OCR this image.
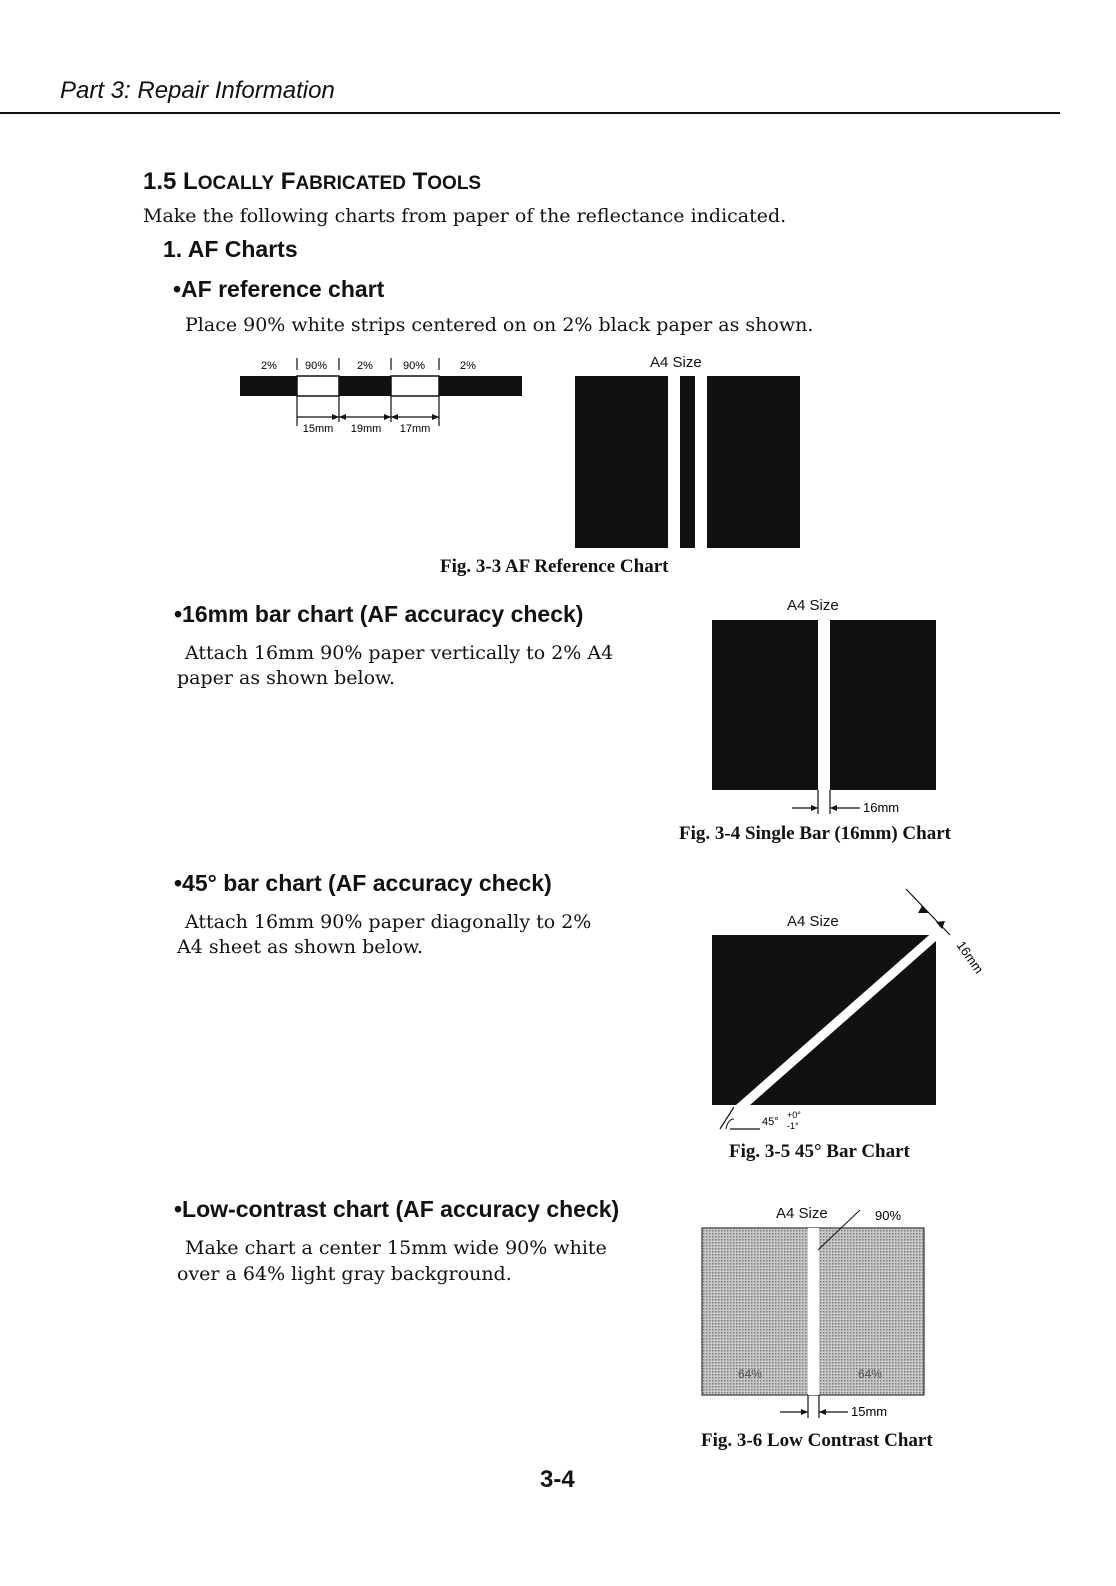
Part 3: Repair Information
1.5 LOCALLY FABRICATED TOOLS
Make the following charts from paper of the reflectance indicated.
1. AF Charts
•AF reference chart
Place 90% white strips centered on on 2% black paper as shown.
2%	90%	2%	90%	2%
15mm 19mm 17mm
A4 Size
Fig. 3-3 AF Reference Chart
•16mm bar chart (AF accuracy check)
Attach 16mm 90% paper vertically to 2% A4
paper as shown below.
A4 Size
16mm
Fig. 3-4 Single Bar (16mm) Chart
•45° bar chart (AF accuracy check)
Attach 16mm 90% paper diagonally to 2%
A4 sheet as shown below.
A4 Size
16mm
45°
+0°
-1°
Fig. 3-5 45° Bar Chart
•Low-contrast chart (AF accuracy check)
Make chart a center 15mm wide 90% white
over a 64% light gray background.
A4 Size	90%
64%	64%
15mm
Fig. 3-6 Low Contrast Chart
3-4
